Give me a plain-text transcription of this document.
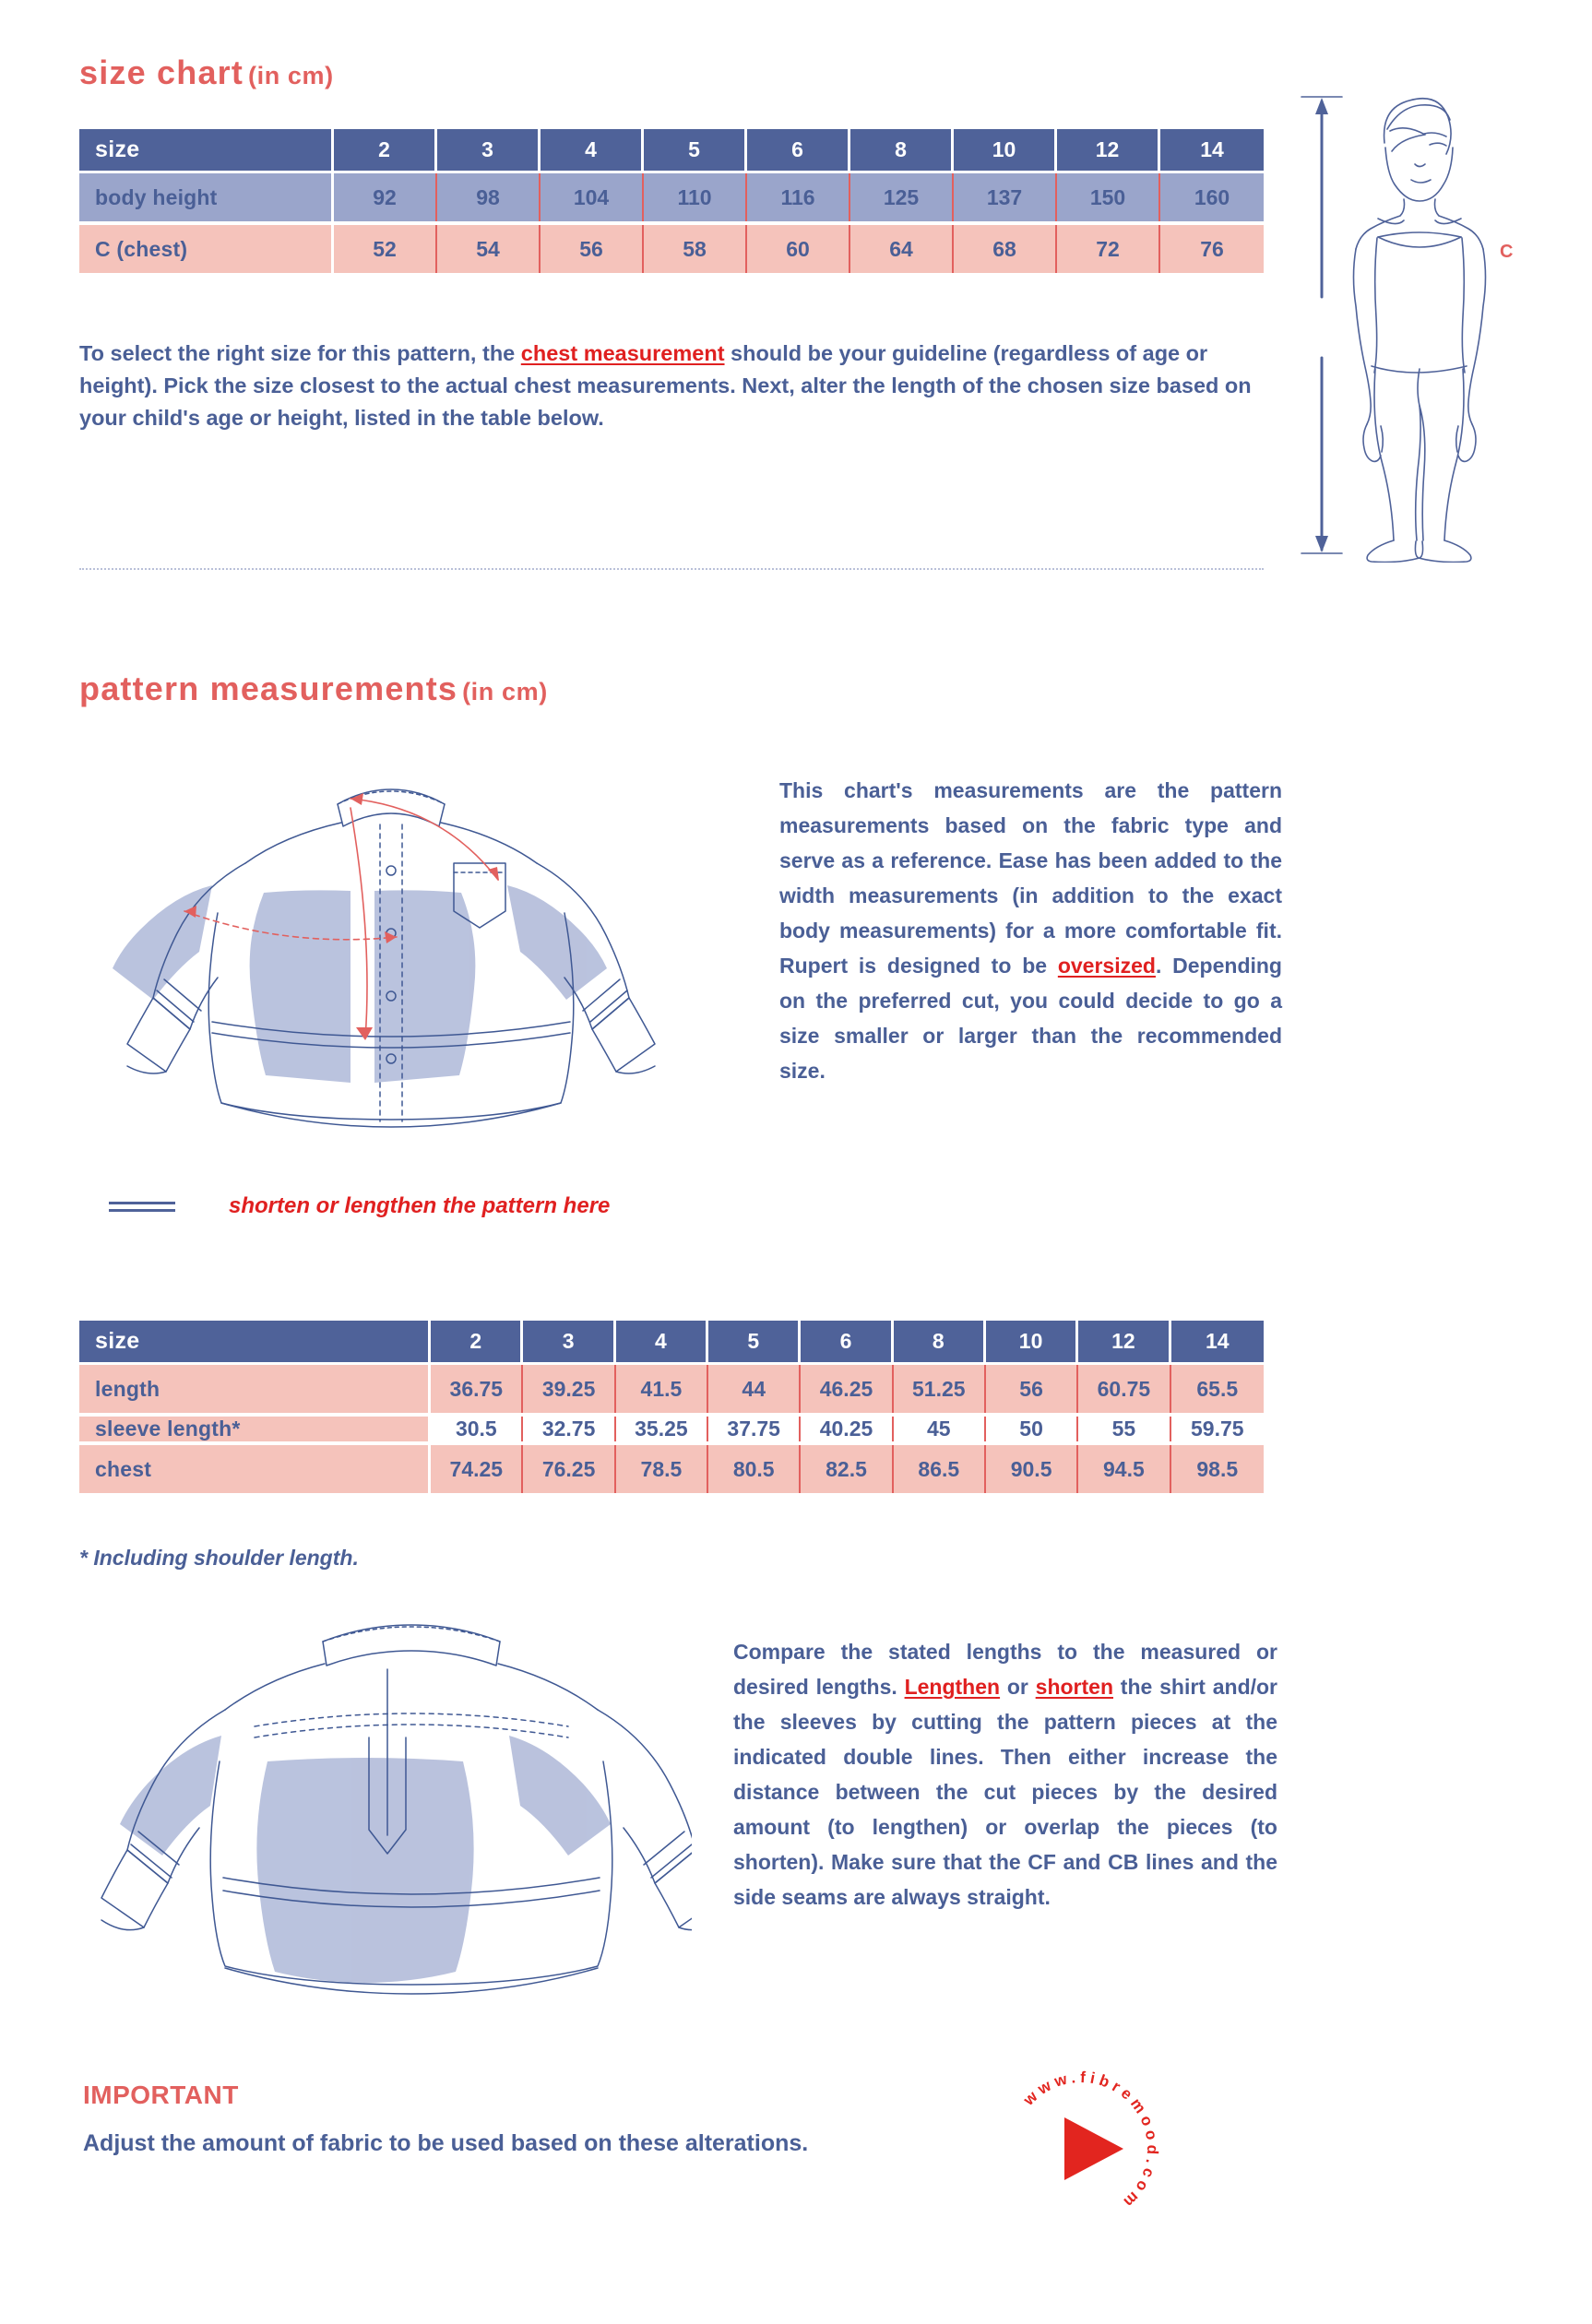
size chart (in cm)
size	2	3	4	5	6	8	10	12	14
body height	92	98	104	110	116	125	137	150	160

C (chest)	52	54	56	58	60	64	68	72	76
To select the right size for this pattern, the chest measurement should be your guideline (regardless of age or height). Pick the size closest to the actual chest measurements. Next, alter the length of the chosen size based on your child's age or height, listed in the table below.
C
pattern measurements (in cm)
This chart's measurements are the pattern measurements based on the fabric type and serve as a reference. Ease has been added to the width measurements (in addition to the exact body measurements) for a more comfortable fit. Rupert is designed to be oversized. Depending on the preferred cut, you could decide to go a size smaller or larger than the recommended size.
shorten or lengthen the pattern here
size	2	3	4	5	6	8	10	12	14
length	36.75	39.25	41.5	44	46.25	51.25	56	60.75	65.5

sleeve length*	30.5	32.75	35.25	37.75	40.25	45	50	55	59.75

chest	74.25	76.25	78.5	80.5	82.5	86.5	90.5	94.5	98.5
* Including shoulder length.
Compare the stated lengths to the measured or desired lengths. Lengthen or shorten the shirt and/or the sleeves by cutting the pattern pieces at the indicated double lines. Then either increase the distance between the cut pieces by the desired amount (to lengthen) or overlap the pieces (to shorten). Make sure that the CF and CB lines and the side seams are always straight.
IMPORTANT
Adjust the amount of fabric to be used based on these alterations.
www.fibremood.com
